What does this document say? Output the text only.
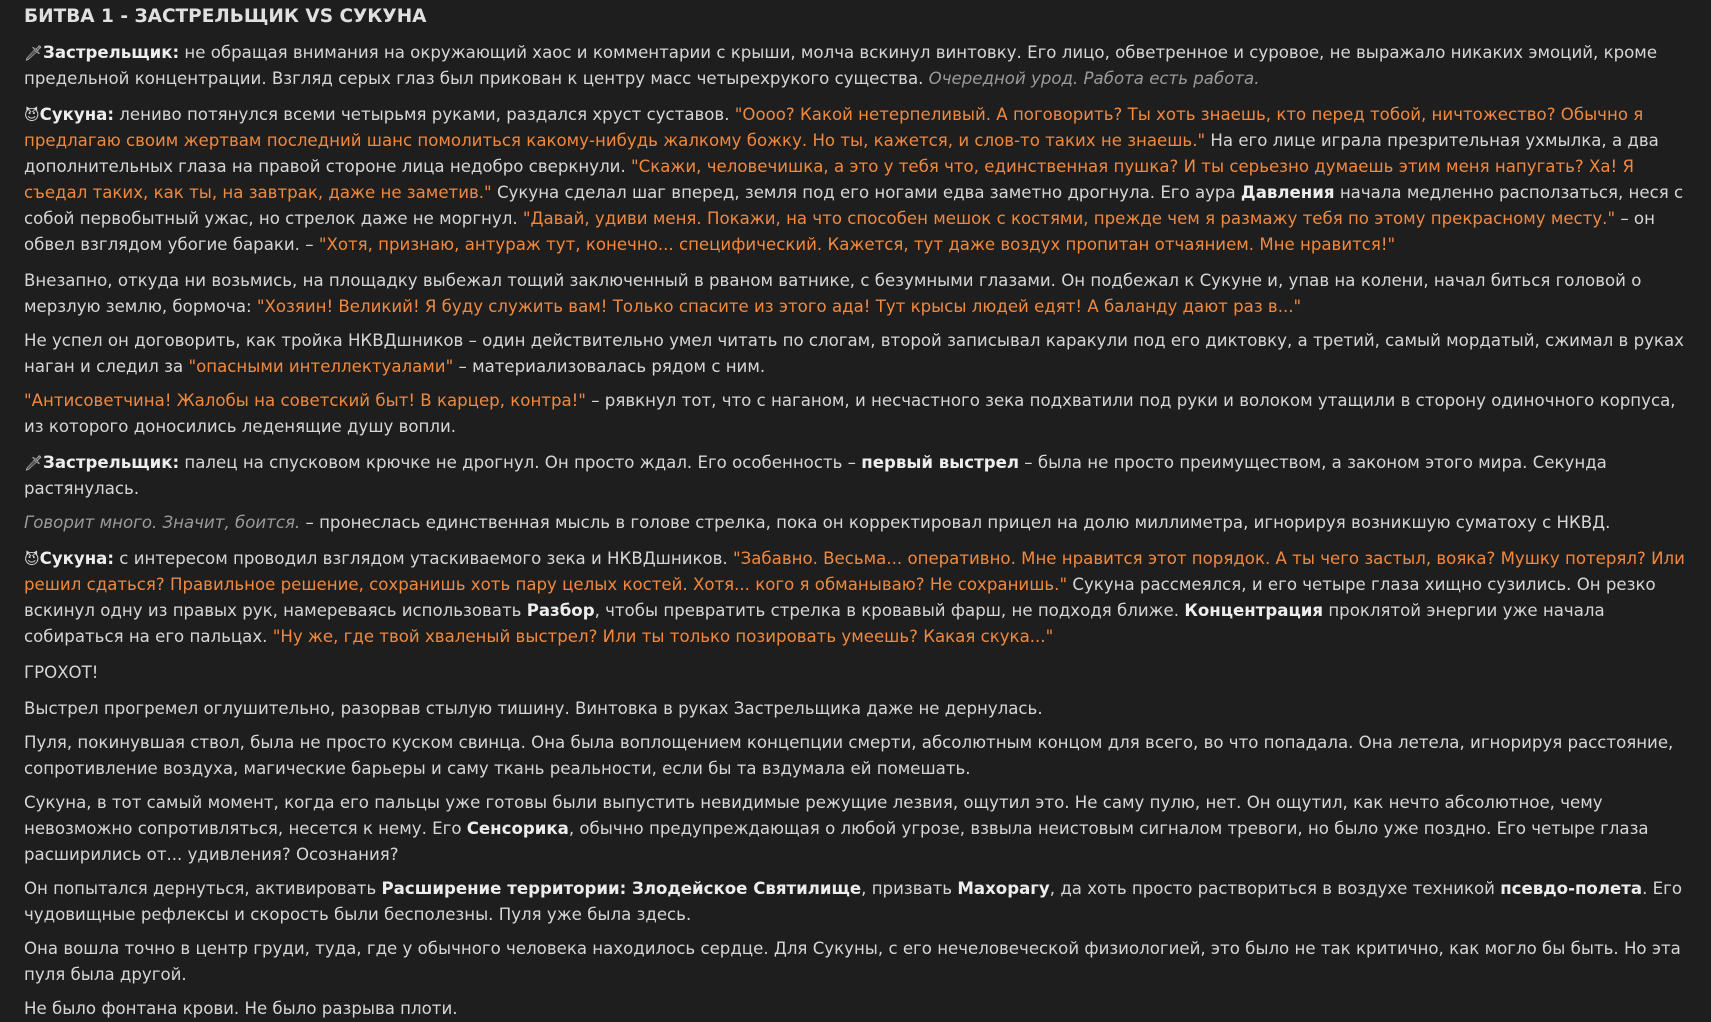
БИТВА 1 - ЗАСТРЕЛЬЩИК VS СУКУНА

🗡Застрельщик: не обращая внимания на окружающий хаос и комментарии с крыши, молча вскинул винтовку. Его лицо, обветренное и суровое, не выражало никаких эмоций, кроме предельной концентрации. Взгляд серых глаз был прикован к центру масс четырехрукого существа. Очередной урод. Работа есть работа.

😈Сукуна: лениво потянулся всеми четырьмя руками, раздался хруст суставов. "Оооо? Какой нетерпеливый. А поговорить? Ты хоть знаешь, кто перед тобой, ничтожество? Обычно я предлагаю своим жертвам последний шанс помолиться какому-нибудь жалкому божку. Но ты, кажется, и слов-то таких не знаешь." На его лице играла презрительная ухмылка, а два дополнительных глаза на правой стороне лица недобро сверкнули. "Скажи, человечишка, а это у тебя что, единственная пушка? И ты серьезно думаешь этим меня напугать? Ха! Я съедал таких, как ты, на завтрак, даже не заметив." Сукуна сделал шаг вперед, земля под его ногами едва заметно дрогнула. Его аура Давления начала медленно расползаться, неся с собой первобытный ужас, но стрелок даже не моргнул. "Давай, удиви меня. Покажи, на что способен мешок с костями, прежде чем я размажу тебя по этому прекрасному месту." – он обвел взглядом убогие бараки. – "Хотя, признаю, антураж тут, конечно... специфический. Кажется, тут даже воздух пропитан отчаянием. Мне нравится!"

Внезапно, откуда ни возьмись, на площадку выбежал тощий заключенный в рваном ватнике, с безумными глазами. Он подбежал к Сукуне и, упав на колени, начал биться головой о мерзлую землю, бормоча: "Хозяин! Великий! Я буду служить вам! Только спасите из этого ада! Тут крысы людей едят! А баланду дают раз в..."

Не успел он договорить, как тройка НКВДшников – один действительно умел читать по слогам, второй записывал каракули под его диктовку, а третий, самый мордатый, сжимал в руках наган и следил за "опасными интеллектуалами" – материализовалась рядом с ним.

"Антисоветчина! Жалобы на советский быт! В карцер, контра!" – рявкнул тот, что с наганом, и несчастного зека подхватили под руки и волоком утащили в сторону одиночного корпуса, из которого доносились леденящие душу вопли.

🗡Застрельщик: палец на спусковом крючке не дрогнул. Он просто ждал. Его особенность – первый выстрел – была не просто преимуществом, а законом этого мира. Секунда растянулась.

Говорит много. Значит, боится. – пронеслась единственная мысль в голове стрелка, пока он корректировал прицел на долю миллиметра, игнорируя возникшую суматоху с НКВД.

😈Сукуна: с интересом проводил взглядом утаскиваемого зека и НКВДшников. "Забавно. Весьма... оперативно. Мне нравится этот порядок. А ты чего застыл, вояка? Мушку потерял? Или решил сдаться? Правильное решение, сохранишь хоть пару целых костей. Хотя... кого я обманываю? Не сохранишь." Сукуна рассмеялся, и его четыре глаза хищно сузились. Он резко вскинул одну из правых рук, намереваясь использовать Разбор, чтобы превратить стрелка в кровавый фарш, не подходя ближе. Концентрация проклятой энергии уже начала собираться на его пальцах. "Ну же, где твой хваленый выстрел? Или ты только позировать умеешь? Какая скука..."

ГРОХОТ!

Выстрел прогремел оглушительно, разорвав стылую тишину. Винтовка в руках Застрельщика даже не дернулась.

Пуля, покинувшая ствол, была не просто куском свинца. Она была воплощением концепции смерти, абсолютным концом для всего, во что попадала. Она летела, игнорируя расстояние, сопротивление воздуха, магические барьеры и саму ткань реальности, если бы та вздумала ей помешать.

Сукуна, в тот самый момент, когда его пальцы уже готовы были выпустить невидимые режущие лезвия, ощутил это. Не саму пулю, нет. Он ощутил, как нечто абсолютное, чему невозможно сопротивляться, несется к нему. Его Сенсорика, обычно предупреждающая о любой угрозе, взвыла неистовым сигналом тревоги, но было уже поздно. Его четыре глаза расширились от... удивления? Осознания?

Он попытался дернуться, активировать Расширение территории: Злодейское Святилище, призвать Махорагу, да хоть просто раствориться в воздухе техникой псевдо-полета. Его чудовищные рефлексы и скорость были бесполезны. Пуля уже была здесь.

Она вошла точно в центр груди, туда, где у обычного человека находилось сердце. Для Сукуны, с его нечеловеческой физиологией, это было не так критично, как могло бы быть. Но эта пуля была другой.

Не было фонтана крови. Не было разрыва плоти.
